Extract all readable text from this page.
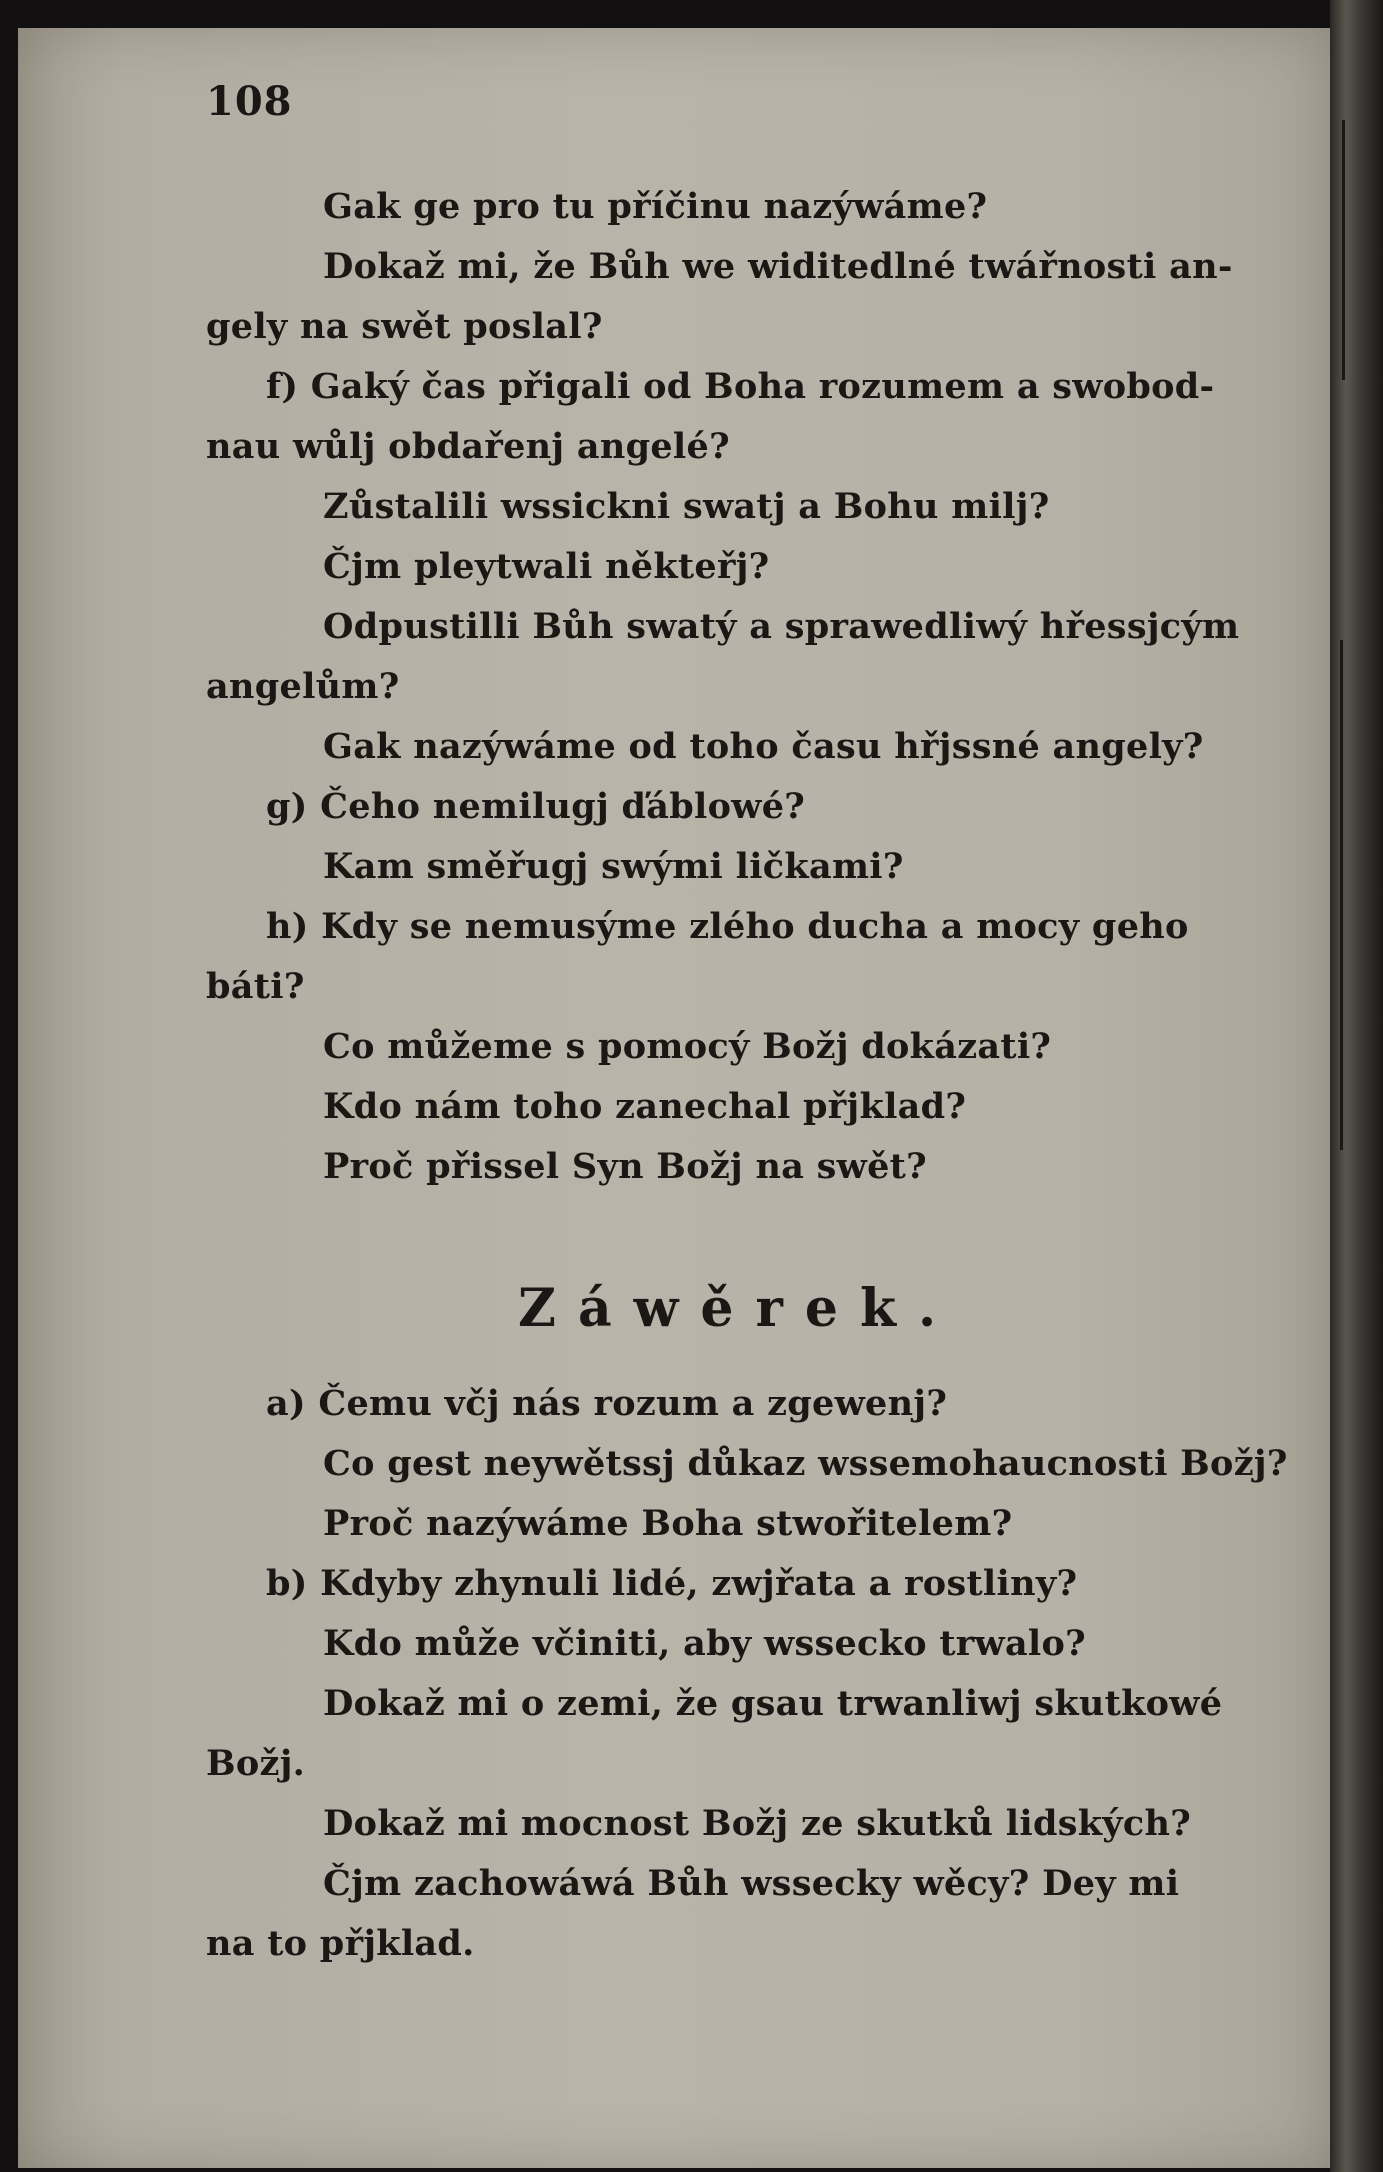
108
Gak ge pro tu příčinu nazýwáme?
Dokaž mi, že Bůh we widitedlné twářnosti an-
gely na swět poslal?
f) Gaký čas přigali od Boha rozumem a swobod-
nau wůlj obdařenj angelé?
Zůstalili wssickni swatj a Bohu milj?
Čjm pleytwali někteřj?
Odpustilli Bůh swatý a sprawedliwý hřessjcým
angelům?
Gak nazýwáme od toho času hřjssné angely?
g) Čeho nemilugj ďáblowé?
Kam směřugj swými ličkami?
h) Kdy se nemusýme zlého ducha a mocy geho
báti?
Co můžeme s pomocý Božj dokázati?
Kdo nám toho zanechal přjklad?
Proč přissel Syn Božj na swět?
Záwěrek.
a) Čemu včj nás rozum a zgewenj?
Co gest neywětssj důkaz wssemohaucnosti Božj?
Proč nazýwáme Boha stwořitelem?
b) Kdyby zhynuli lidé, zwjřata a rostliny?
Kdo může včiniti, aby wssecko trwalo?
Dokaž mi o zemi, že gsau trwanliwj skutkowé
Božj.
Dokaž mi mocnost Božj ze skutků lidských?
Čjm zachowáwá Bůh wssecky wěcy? Dey mi
na to přjklad.
